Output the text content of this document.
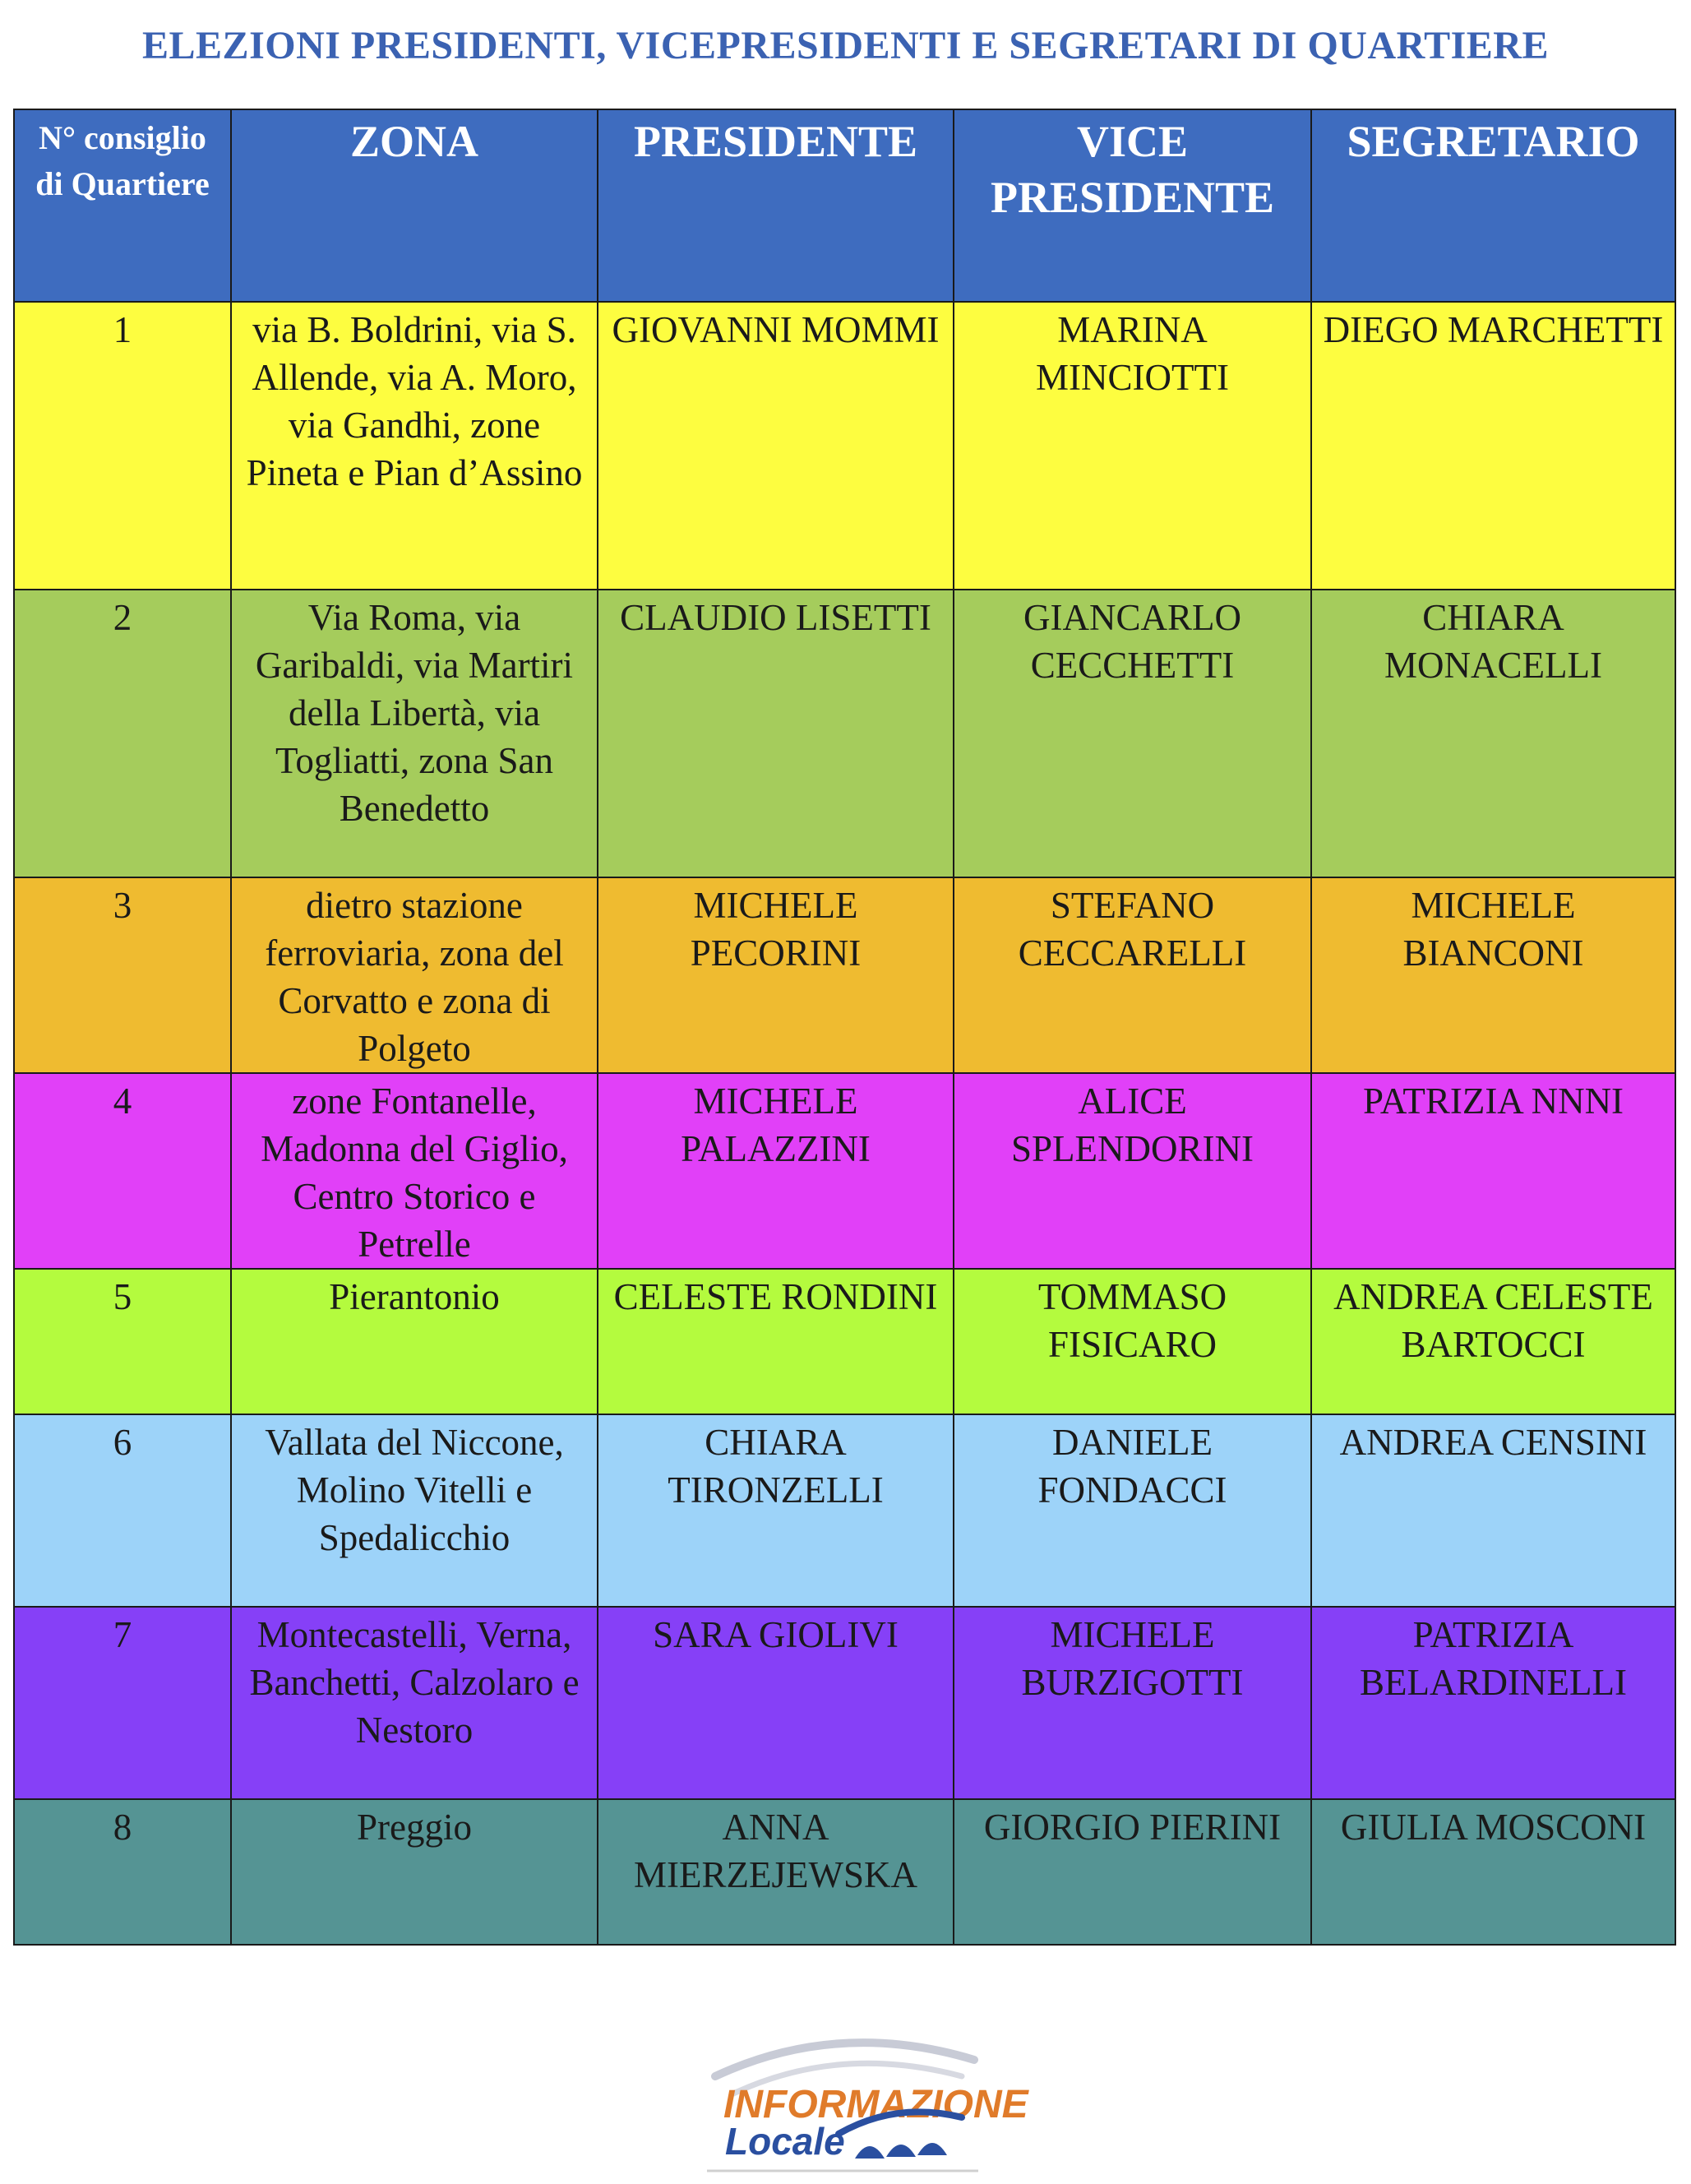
ELEZIONI PRESIDENTI, VICEPRESIDENTI E SEGRETARI DI QUARTIERE
N° consiglio di Quartiere	ZONA	PRESIDENTE	VICE PRESIDENTE	SEGRETARIO
1	via B. Boldrini, via S. Allende, via A. Moro, via Gandhi, zone Pineta e Pian d’Assino	GIOVANNI MOMMI	MARINA MINCIOTTI	DIEGO MARCHETTI
2	Via Roma, via Garibaldi, via Martiri della Libertà, via Togliatti, zona San Benedetto	CLAUDIO LISETTI	GIANCARLO CECCHETTI	CHIARA MONACELLI
3	dietro stazione ferroviaria, zona del Corvatto e zona di Polgeto	MICHELE PECORINI	STEFANO CECCARELLI	MICHELE BIANCONI
4	zone Fontanelle, Madonna del Giglio, Centro Storico e Petrelle	MICHELE PALAZZINI	ALICE SPLENDORINI	PATRIZIA NNNI
5	Pierantonio	CELESTE RONDINI	TOMMASO FISICARO	ANDREA CELESTE BARTOCCI
6	Vallata del Niccone, Molino Vitelli e Spedalicchio	CHIARA TIRONZELLI	DANIELE FONDACCI	ANDREA CENSINI
7	Montecastelli, Verna, Banchetti, Calzolaro e Nestoro	SARA GIOLIVI	MICHELE BURZIGOTTI	PATRIZIA BELARDINELLI
8	Preggio	ANNA MIERZEJEWSKA	GIORGIO PIERINI	GIULIA MOSCONI
INFORMAZIONE
Locale
